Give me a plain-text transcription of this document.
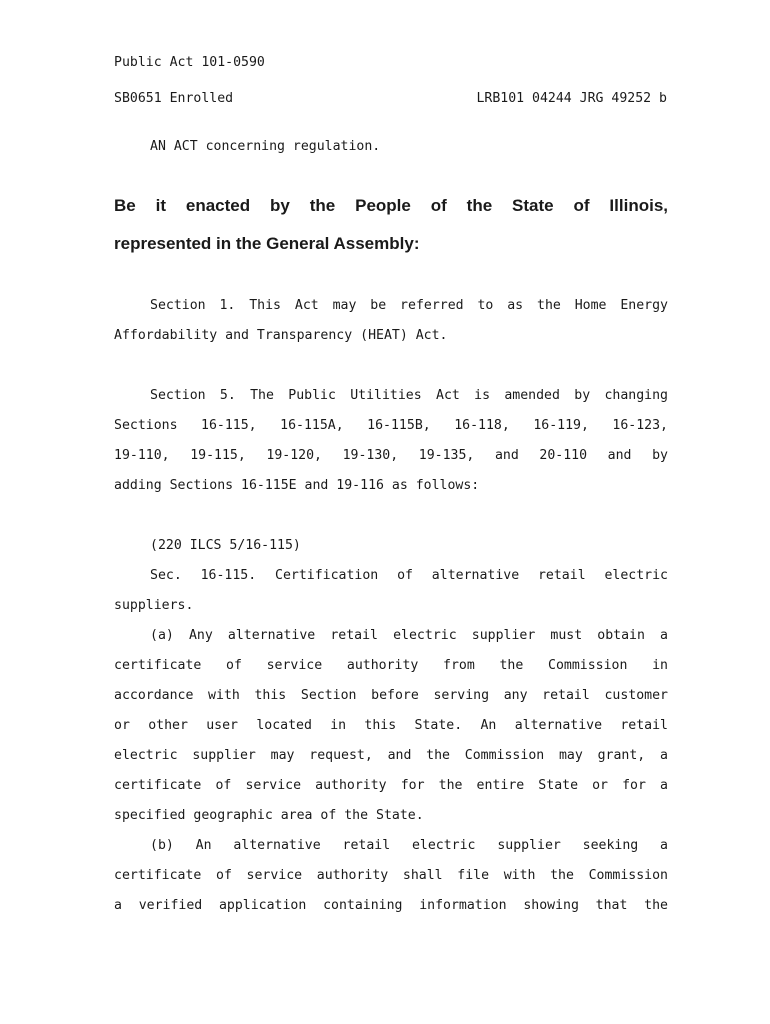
Public Act 101-0590
SB0651 Enrolled	LRB101 04244 JRG 49252 b
AN ACT concerning regulation.
Be it enacted by the People of the State of Illinois,
represented in the General Assembly:
Section 1. This Act may be referred to as the Home Energy
Affordability and Transparency (HEAT) Act.
Section 5. The Public Utilities Act is amended by changing
Sections 16-115, 16-115A, 16-115B, 16-118, 16-119, 16-123,
19-110, 19-115, 19-120, 19-130, 19-135, and 20-110 and by
adding Sections 16-115E and 19-116 as follows:
(220 ILCS 5/16-115)
Sec. 16-115. Certification of alternative retail electric
suppliers.
(a) Any alternative retail electric supplier must obtain a
certificate of service authority from the Commission in
accordance with this Section before serving any retail customer
or other user located in this State. An alternative retail
electric supplier may request, and the Commission may grant, a
certificate of service authority for the entire State or for a
specified geographic area of the State.
(b) An alternative retail electric supplier seeking a
certificate of service authority shall file with the Commission
a verified application containing information showing that the
